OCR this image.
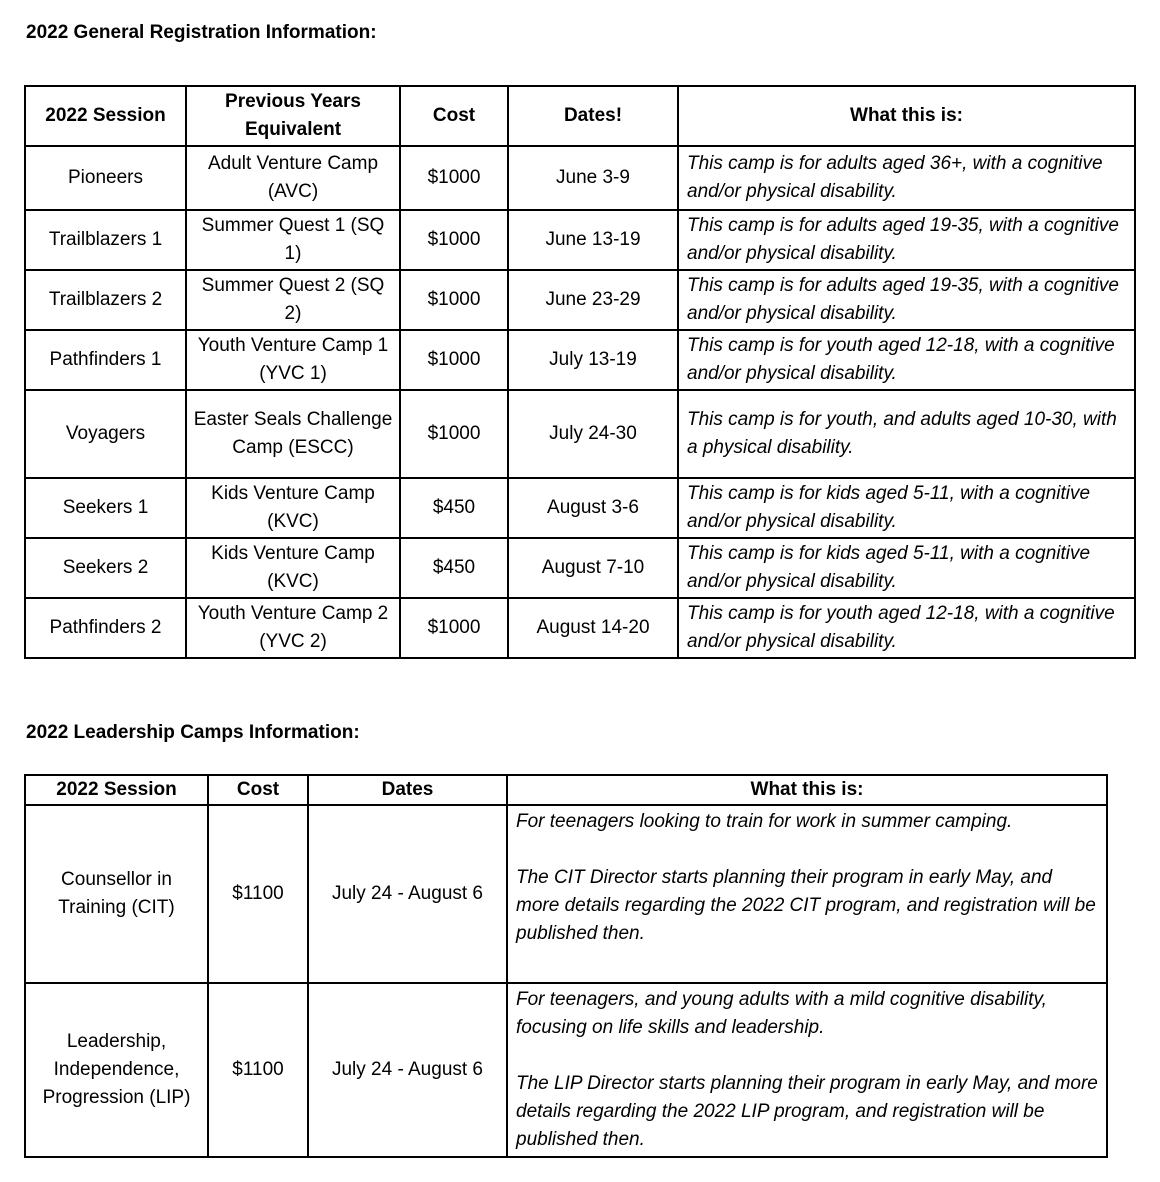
2022 General Registration Information:
2022 Session	Previous Years Equivalent	Cost	Dates!	What this is:
Pioneers	Adult Venture Camp (AVC)	$1000	June 3-9	This camp is for adults aged 36+, with a cognitive and/or physical disability.
Trailblazers 1	Summer Quest 1 (SQ 1)	$1000	June 13-19	This camp is for adults aged 19-35, with a cognitive and/or physical disability.
Trailblazers 2	Summer Quest 2 (SQ 2)	$1000	June 23-29	This camp is for adults aged 19-35, with a cognitive and/or physical disability.
Pathfinders 1	Youth Venture Camp 1 (YVC 1)	$1000	July 13-19	This camp is for youth aged 12-18, with a cognitive and/or physical disability.
Voyagers	Easter Seals Challenge Camp (ESCC)	$1000	July 24-30	This camp is for youth, and adults aged 10-30, with a physical disability.
Seekers 1	Kids Venture Camp (KVC)	$450	August 3-6	This camp is for kids aged 5-11, with a cognitive and/or physical disability.
Seekers 2	Kids Venture Camp (KVC)	$450	August 7-10	This camp is for kids aged 5-11, with a cognitive and/or physical disability.
Pathfinders 2	Youth Venture Camp 2 (YVC 2)	$1000	August 14-20	This camp is for youth aged 12-18, with a cognitive and/or physical disability.
2022 Leadership Camps Information:
2022 Session	Cost	Dates	What this is:
Counsellor in Training (CIT)	$1100	July 24 - August 6	For teenagers looking to train for work in summer camping.
The CIT Director starts planning their program in early May, and more details regarding the 2022 CIT program, and registration will be published then.

Leadership, Independence, Progression (LIP)	$1100	July 24 - August 6	For teenagers, and young adults with a mild cognitive disability, focusing on life skills and leadership.
The LIP Director starts planning their program in early May, and more details regarding the 2022 LIP program, and registration will be published then.
